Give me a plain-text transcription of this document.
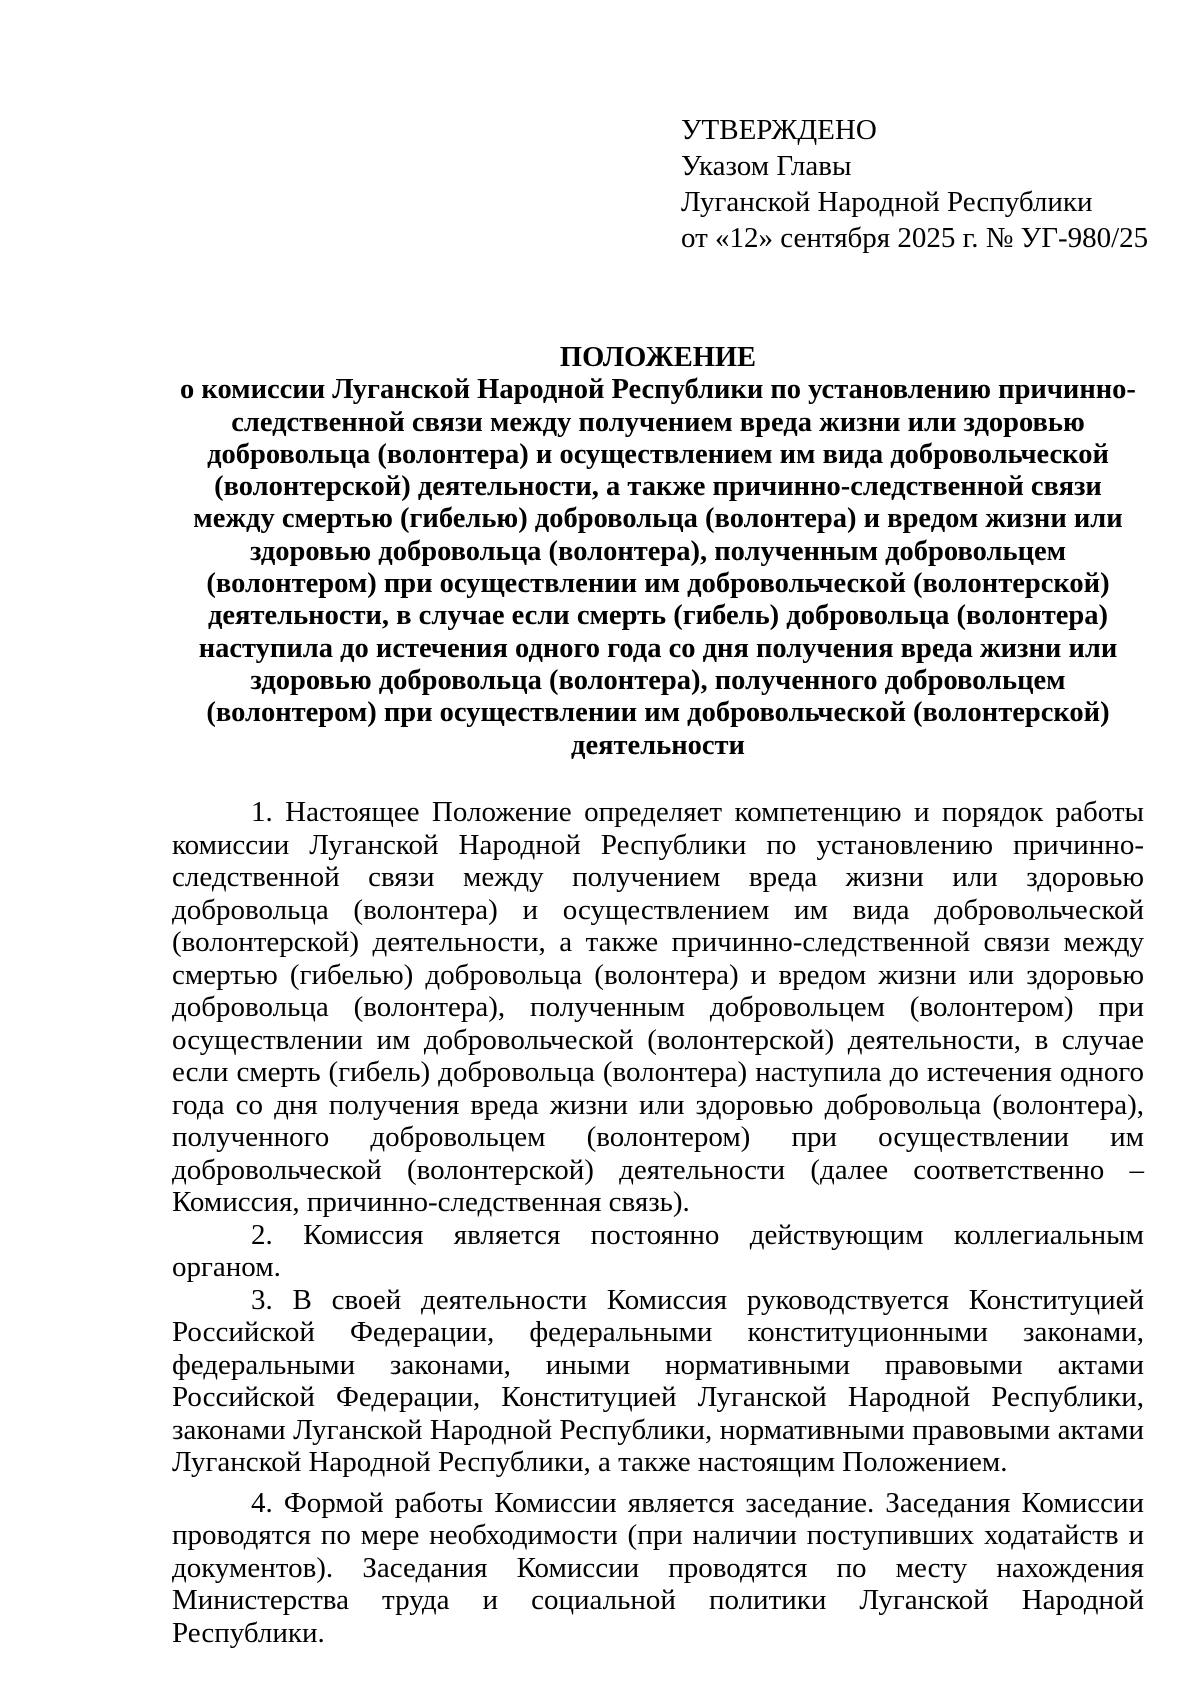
УТВЕРЖДЕНО
Указом Главы
Луганской Народной Республики
от «12» сентября 2025 г. № УГ-980/25
ПОЛОЖЕНИЕ
о комиссии Луганской Народной Республики по установлению причинно-следственной связи между получением вреда жизни или здоровью добровольца (волонтера) и осуществлением им вида добровольческой (волонтерской) деятельности, а также причинно-следственной связи между смертью (гибелью) добровольца (волонтера) и вредом жизни или здоровью добровольца (волонтера), полученным добровольцем (волонтером) при осуществлении им добровольческой (волонтерской) деятельности, в случае если смерть (гибель) добровольца (волонтера) наступила до истечения одного года со дня получения вреда жизни или здоровью добровольца (волонтера), полученного добровольцем (волонтером) при осуществлении им добровольческой (волонтерской) деятельности

1. Настоящее Положение определяет компетенцию и порядок работы комиссии Луганской Народной Республики по установлению причинно-следственной связи между получением вреда жизни или здоровью добровольца (волонтера) и осуществлением им вида добровольческой (волонтерской) деятельности, а также причинно-следственной связи между смертью (гибелью) добровольца (волонтера) и вредом жизни или здоровью добровольца (волонтера), полученным добровольцем (волонтером) при осуществлении им добровольческой (волонтерской) деятельности, в случае если смерть (гибель) добровольца (волонтера) наступила до истечения одного года со дня получения вреда жизни или здоровью добровольца (волонтера), полученного добровольцем (волонтером) при осуществлении им добровольческой (волонтерской) деятельности (далее соответственно – Комиссия, причинно-следственная связь).

2. Комиссия является постоянно действующим коллегиальным органом.

3. В своей деятельности Комиссия руководствуется Конституцией Российской Федерации, федеральными конституционными законами, федеральными законами, иными нормативными правовыми актами Российской Федерации, Конституцией Луганской Народной Республики, законами Луганской Народной Республики, нормативными правовыми актами Луганской Народной Республики, а также настоящим Положением.

4. Формой работы Комиссии является заседание. Заседания Комиссии проводятся по мере необходимости (при наличии поступивших ходатайств и документов). Заседания Комиссии проводятся по месту нахождения Министерства труда и социальной политики Луганской Народной Республики.
